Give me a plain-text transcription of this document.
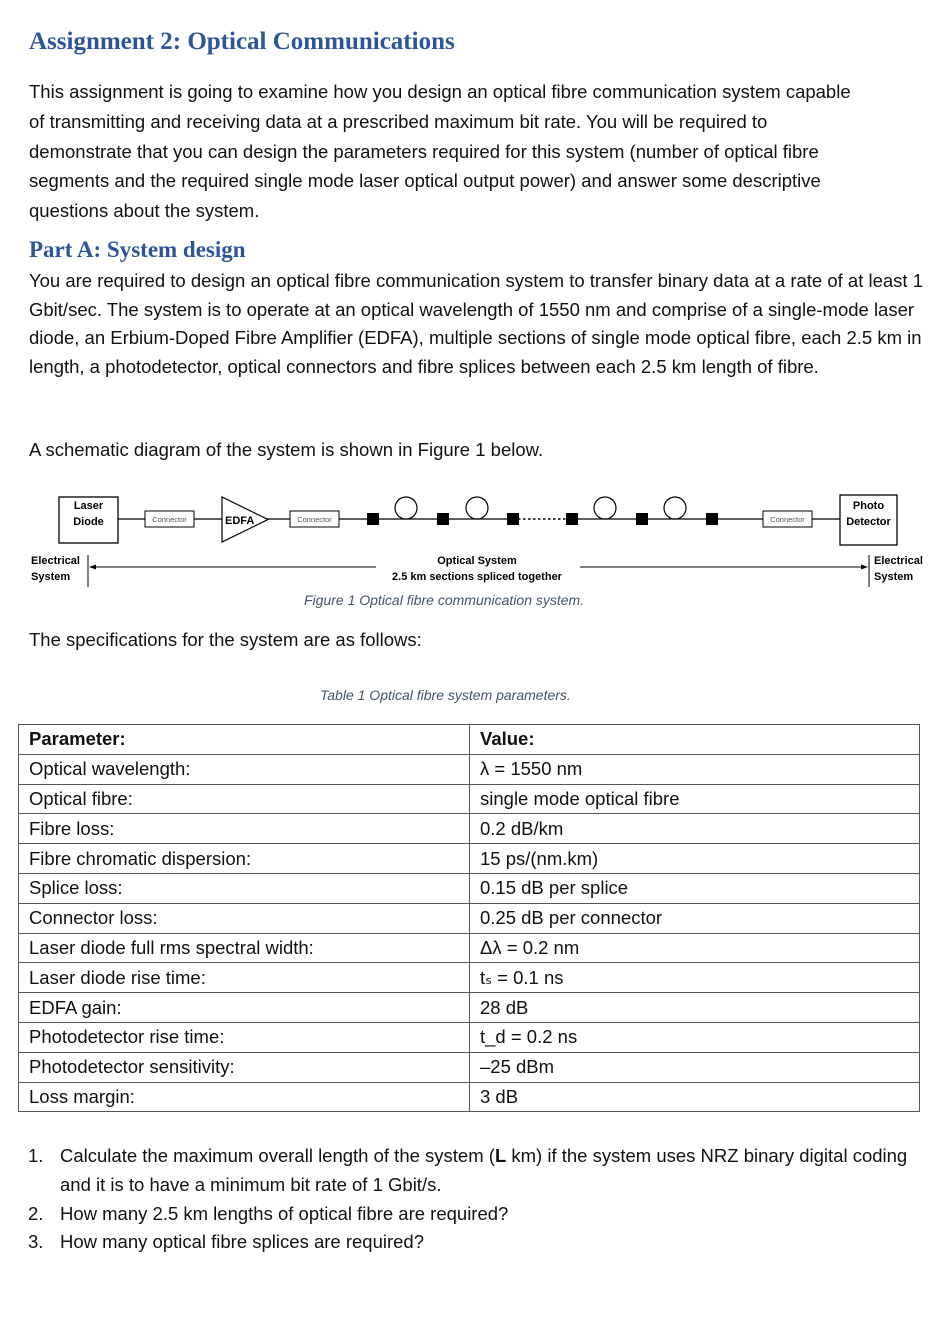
Assignment 2: Optical Communications

This assignment is going to examine how you design an optical fibre communication system capable of transmitting and receiving data at a prescribed maximum bit rate. You will be required to demonstrate that you can design the parameters required for this system (number of optical fibre segments and the required single mode laser optical output power) and answer some descriptive questions about the system.

Part A: System design

You are required to design an optical fibre communication system to transfer binary data at a rate of at least 1 Gbit/sec. The system is to operate at an optical wavelength of 1550 nm and comprise of a single-mode laser diode, an Erbium-Doped Fibre Amplifier (EDFA), multiple sections of single mode optical fibre, each 2.5 km in length, a photodetector, optical connectors and fibre splices between each 2.5 km length of fibre.

A schematic diagram of the system is shown in Figure 1 below.

Laser
Diode	Connector	EDFA	Connector	Connector
Photo
Detector
Electrical
System
Electrical
System
Optical System
2.5 km sections spliced together

Figure 1 Optical fibre communication system.

The specifications for the system are as follows:

Table 1 Optical fibre system parameters.

Parameter:	Value:
Optical wavelength:	λ = 1550 nm
Optical fibre:	single mode optical fibre
Fibre loss:	0.2 dB/km
Fibre chromatic dispersion:	15 ps/(nm.km)
Splice loss:	0.15 dB per splice
Connector loss:	0.25 dB per connector
Laser diode full rms spectral width:	Δλ = 0.2 nm
Laser diode rise time:	tₛ = 0.1 ns
EDFA gain:	28 dB
Photodetector rise time:	t_d = 0.2 ns
Photodetector sensitivity:	–25 dBm
Loss margin:	3 dB
1. Calculate the maximum overall length of the system (L km) if the system uses NRZ binary digital coding and it is to have a minimum bit rate of 1 Gbit/s.
2. How many 2.5 km lengths of optical fibre are required?
3. How many optical fibre splices are required?
